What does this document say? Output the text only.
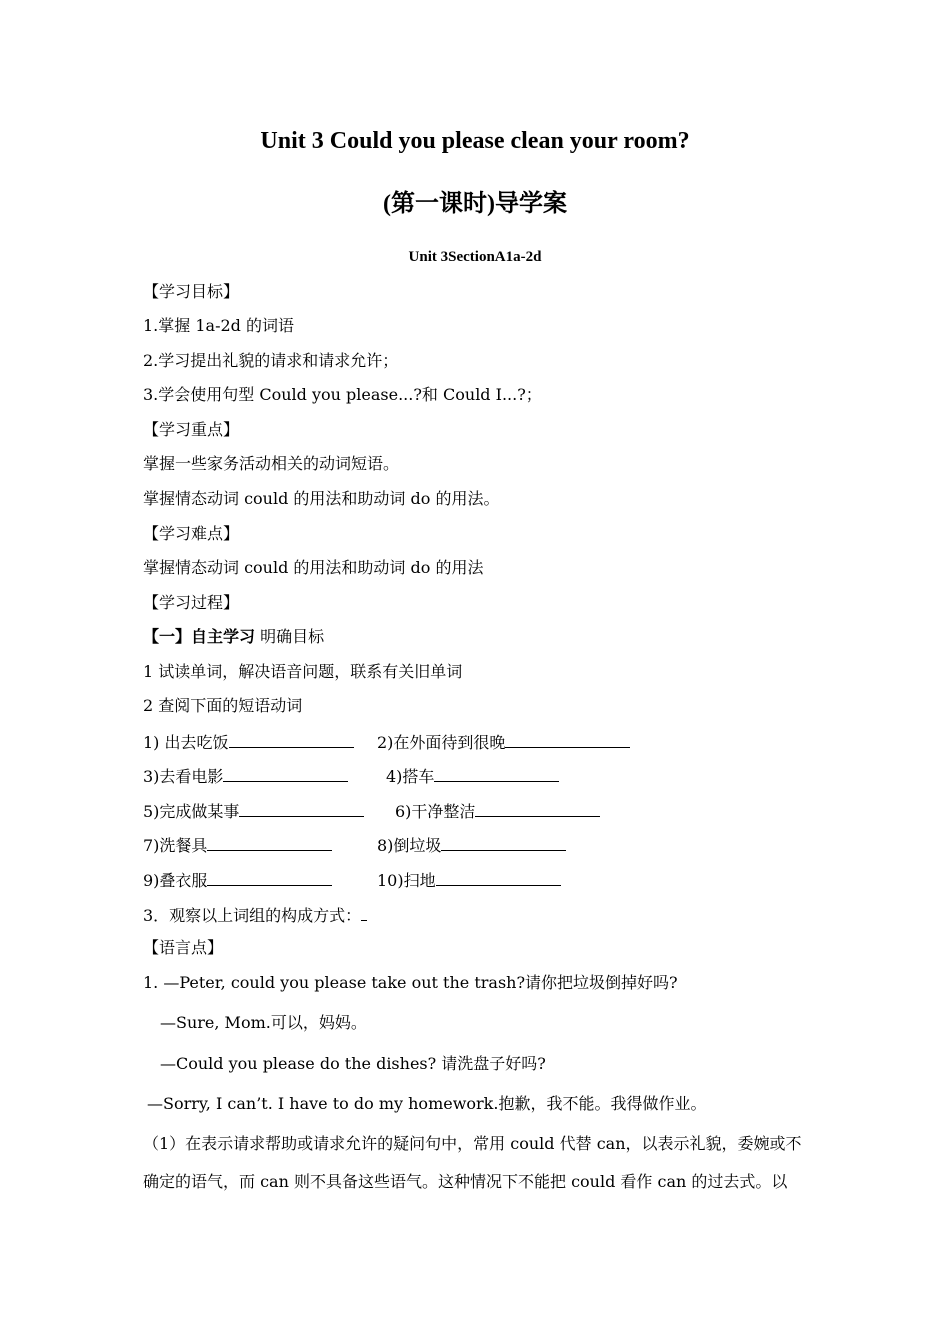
Unit 3 Could you please clean your room?
(第一课时)导学案
Unit 3SectionA1a-2d
【学习目标】
1.掌握 1a-2d 的词语
2.学习提出礼貌的请求和请求允许；
3.学会使用句型 Could you please...?和 Could I...?；
【学习重点】
掌握一些家务活动相关的动词短语。
掌握情态动词 could 的用法和助动词 do 的用法。
【学习难点】
掌握情态动词 could 的用法和助动词 do 的用法
【学习过程】
【一】自主学习 明确目标
1 试读单词，解决语音问题，联系有关旧单词
2 查阅下面的短语动词
1) 出去吃饭	2)在外面待到很晚
3)去看电影	4)搭车
5)完成做某事	6)干净整洁
7)洗餐具	8)倒垃圾
9)叠衣服	10)扫地
3．观察以上词组的构成方式：
【语言点】
1. —Peter, could you please take out the trash?请你把垃圾倒掉好吗?
—Sure, Mom.可以，妈妈。
—Could you please do the dishes? 请洗盘子好吗?
—Sorry, I can’t. I have to do my homework.抱歉，我不能。我得做作业。
（1）在表示请求帮助或请求允许的疑问句中，常用 could 代替 can，以表示礼貌，委婉或不确定的语气，而 can 则不具备这些语气。这种情况下不能把 could 看作 can 的过去式。以
